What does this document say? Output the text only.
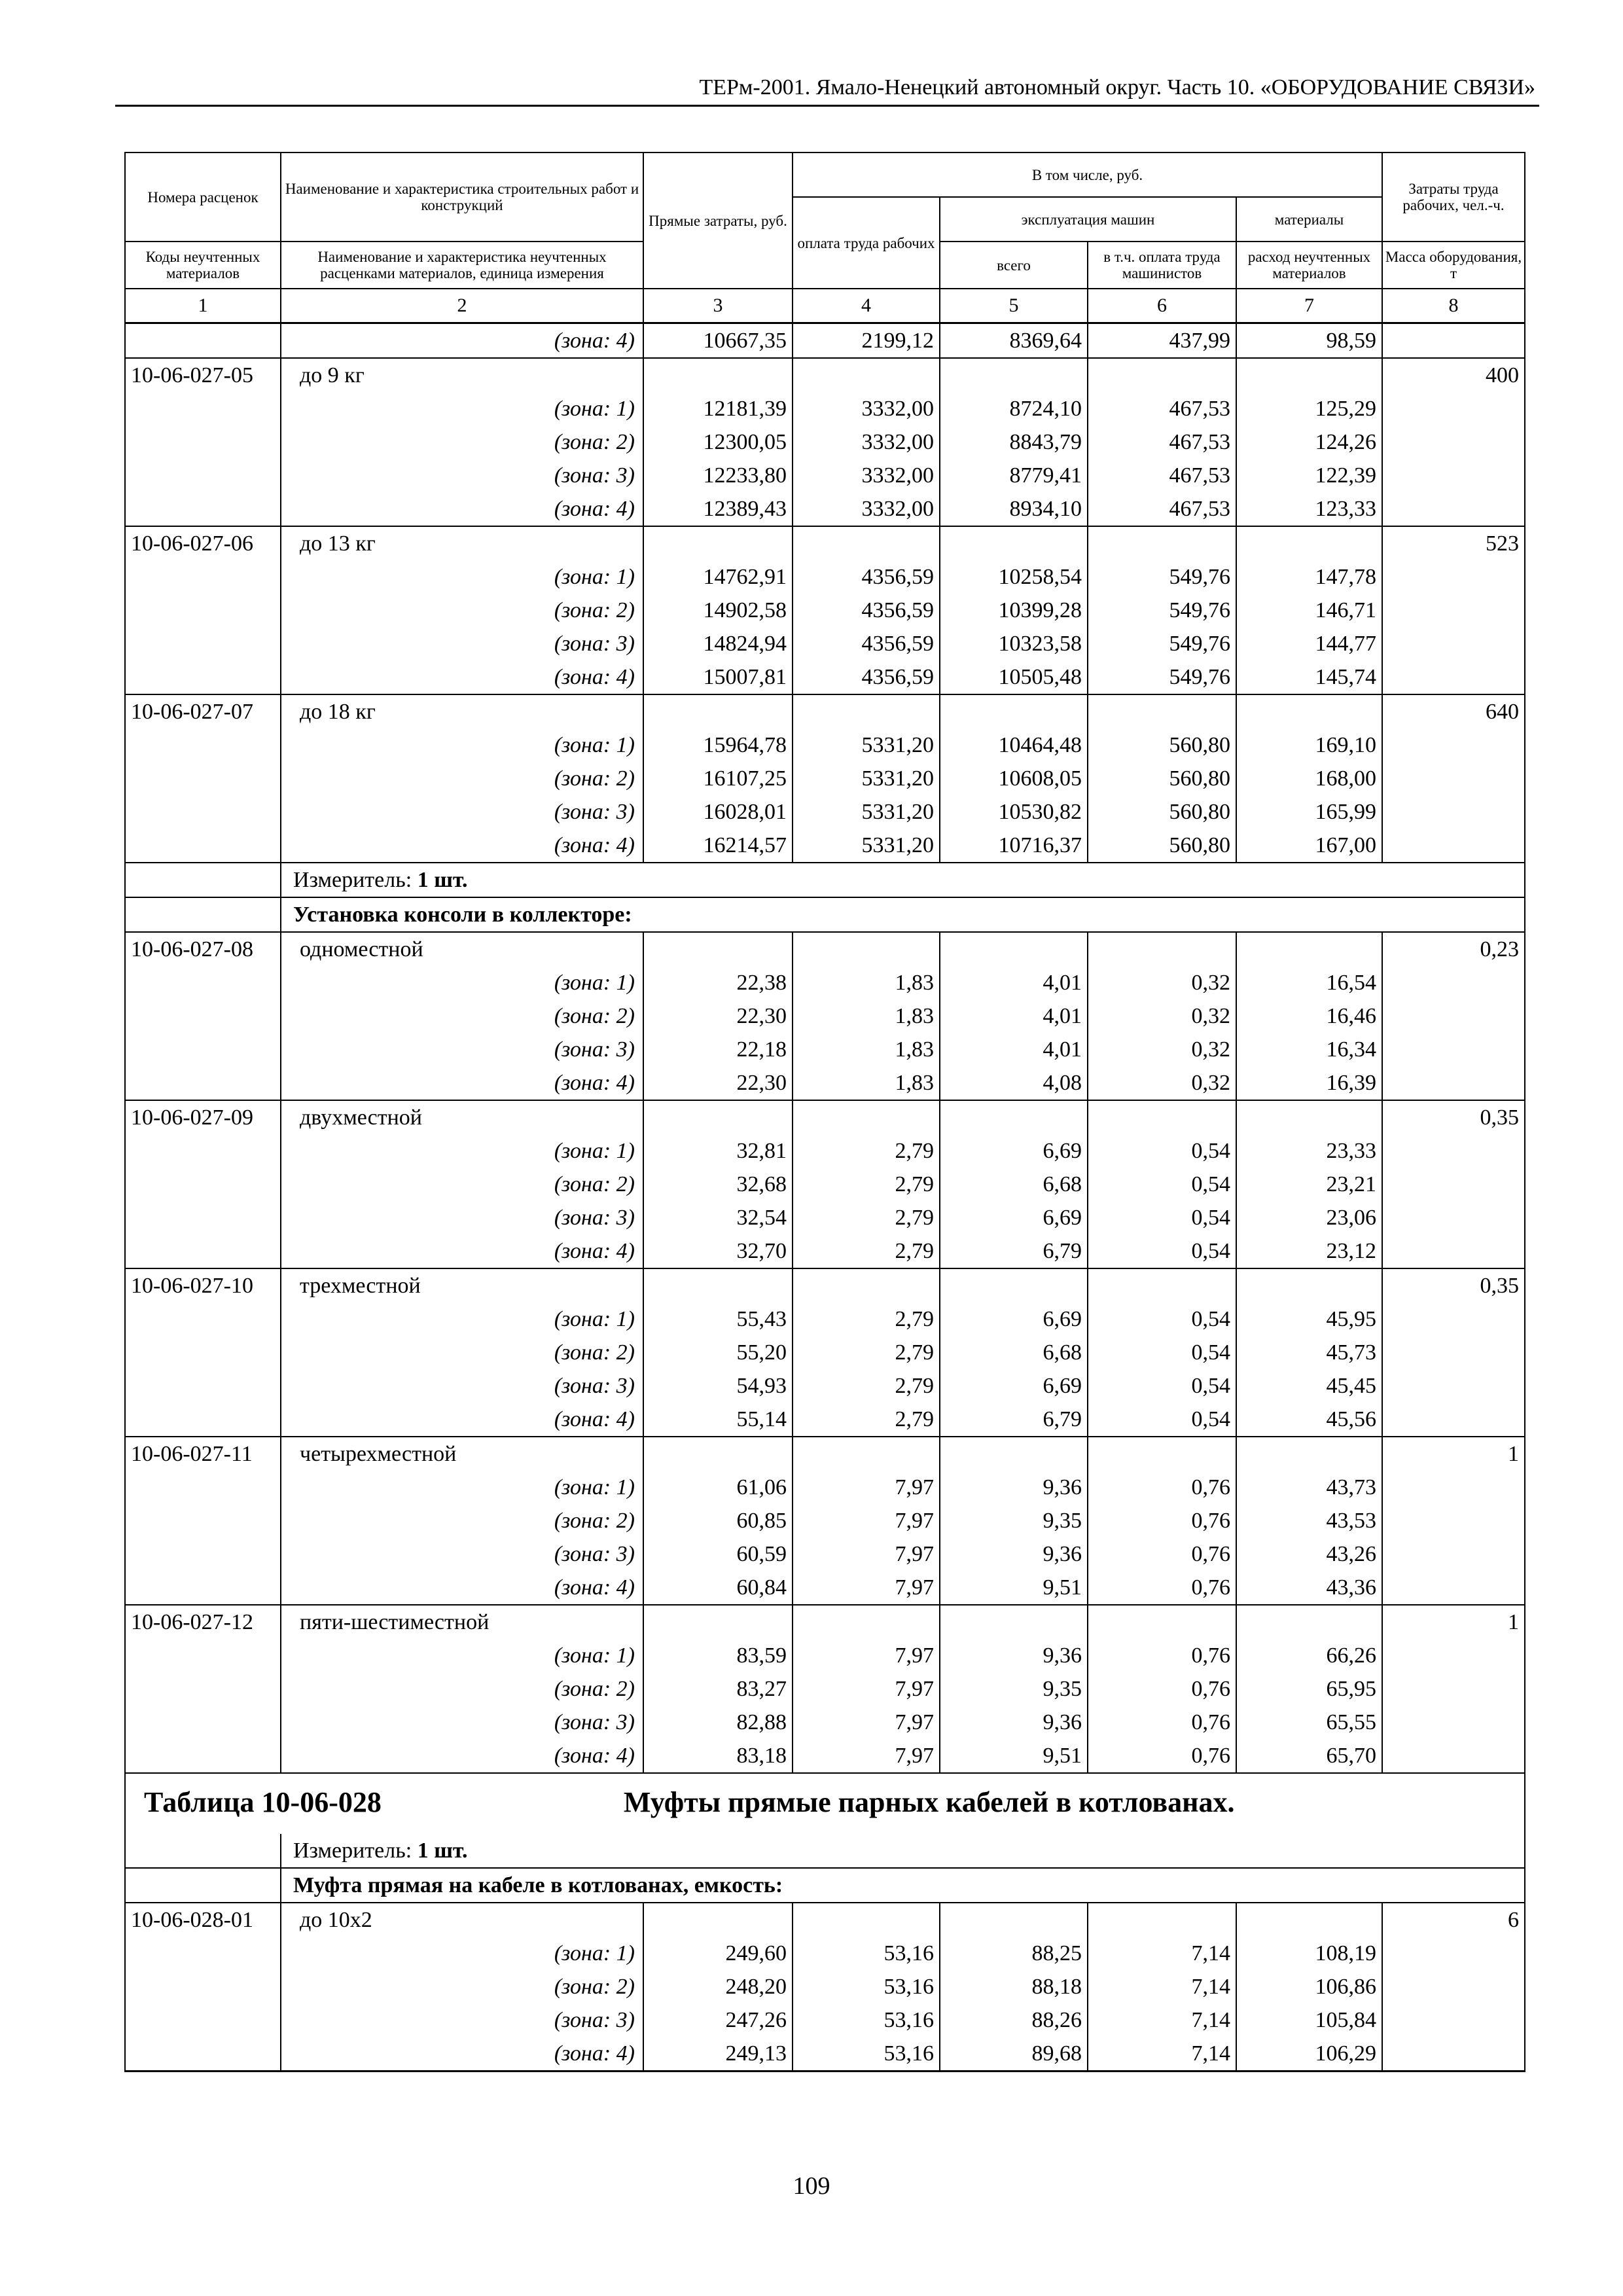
ТЕРм-2001. Ямало-Ненецкий автономный округ. Часть 10. «ОБОРУДОВАНИЕ СВЯЗИ»
Номера расценок	Наименование и характеристика строительных работ и конструкций	Прямые затраты, руб.	В том числе, руб.				Затраты труда рабочих, чел.-ч.
			оплата труда рабочих	эксплуатация машин		материалы	
Коды неучтенных материалов	Наименование и характеристика неучтенных расценками материалов, единица измерения			всего	в т.ч. оплата труда машинистов	расход неучтенных материалов	Масса оборудования, т
1	2	3	4	5	6	7	8
	(зона: 4)	10667,35	2199,12	8369,64	437,99	98,59	
10-06-027-05	до 9 кг						400
	(зона: 1)	12181,39	3332,00	8724,10	467,53	125,29	
	(зона: 2)	12300,05	3332,00	8843,79	467,53	124,26	
	(зона: 3)	12233,80	3332,00	8779,41	467,53	122,39	
	(зона: 4)	12389,43	3332,00	8934,10	467,53	123,33	
10-06-027-06	до 13 кг						523
	(зона: 1)	14762,91	4356,59	10258,54	549,76	147,78	
	(зона: 2)	14902,58	4356,59	10399,28	549,76	146,71	
	(зона: 3)	14824,94	4356,59	10323,58	549,76	144,77	
	(зона: 4)	15007,81	4356,59	10505,48	549,76	145,74	
10-06-027-07	до 18 кг						640
	(зона: 1)	15964,78	5331,20	10464,48	560,80	169,10	
	(зона: 2)	16107,25	5331,20	10608,05	560,80	168,00	
	(зона: 3)	16028,01	5331,20	10530,82	560,80	165,99	
	(зона: 4)	16214,57	5331,20	10716,37	560,80	167,00	
	Измеритель: 1 шт.						
	Установка консоли в коллекторе:						
10-06-027-08	одноместной						0,23
	(зона: 1)	22,38	1,83	4,01	0,32	16,54	
	(зона: 2)	22,30	1,83	4,01	0,32	16,46	
	(зона: 3)	22,18	1,83	4,01	0,32	16,34	
	(зона: 4)	22,30	1,83	4,08	0,32	16,39	
10-06-027-09	двухместной						0,35
	(зона: 1)	32,81	2,79	6,69	0,54	23,33	
	(зона: 2)	32,68	2,79	6,68	0,54	23,21	
	(зона: 3)	32,54	2,79	6,69	0,54	23,06	
	(зона: 4)	32,70	2,79	6,79	0,54	23,12	
10-06-027-10	трехместной						0,35
	(зона: 1)	55,43	2,79	6,69	0,54	45,95	
	(зона: 2)	55,20	2,79	6,68	0,54	45,73	
	(зона: 3)	54,93	2,79	6,69	0,54	45,45	
	(зона: 4)	55,14	2,79	6,79	0,54	45,56	
10-06-027-11	четырехместной						1
	(зона: 1)	61,06	7,97	9,36	0,76	43,73	
	(зона: 2)	60,85	7,97	9,35	0,76	43,53	
	(зона: 3)	60,59	7,97	9,36	0,76	43,26	
	(зона: 4)	60,84	7,97	9,51	0,76	43,36	
10-06-027-12	пяти-шестиместной						1
	(зона: 1)	83,59	7,97	9,36	0,76	66,26	
	(зона: 2)	83,27	7,97	9,35	0,76	65,95	
	(зона: 3)	82,88	7,97	9,36	0,76	65,55	
	(зона: 4)	83,18	7,97	9,51	0,76	65,70	
Таблица 10-06-028 Муфты прямые парных кабелей в котлованах.							
	Измеритель: 1 шт.						
	Муфта прямая на кабеле в котлованах, емкость:						
10-06-028-01	до 10х2						6
	(зона: 1)	249,60	53,16	88,25	7,14	108,19	
	(зона: 2)	248,20	53,16	88,18	7,14	106,86	
	(зона: 3)	247,26	53,16	88,26	7,14	105,84	
	(зона: 4)	249,13	53,16	89,68	7,14	106,29	
109
